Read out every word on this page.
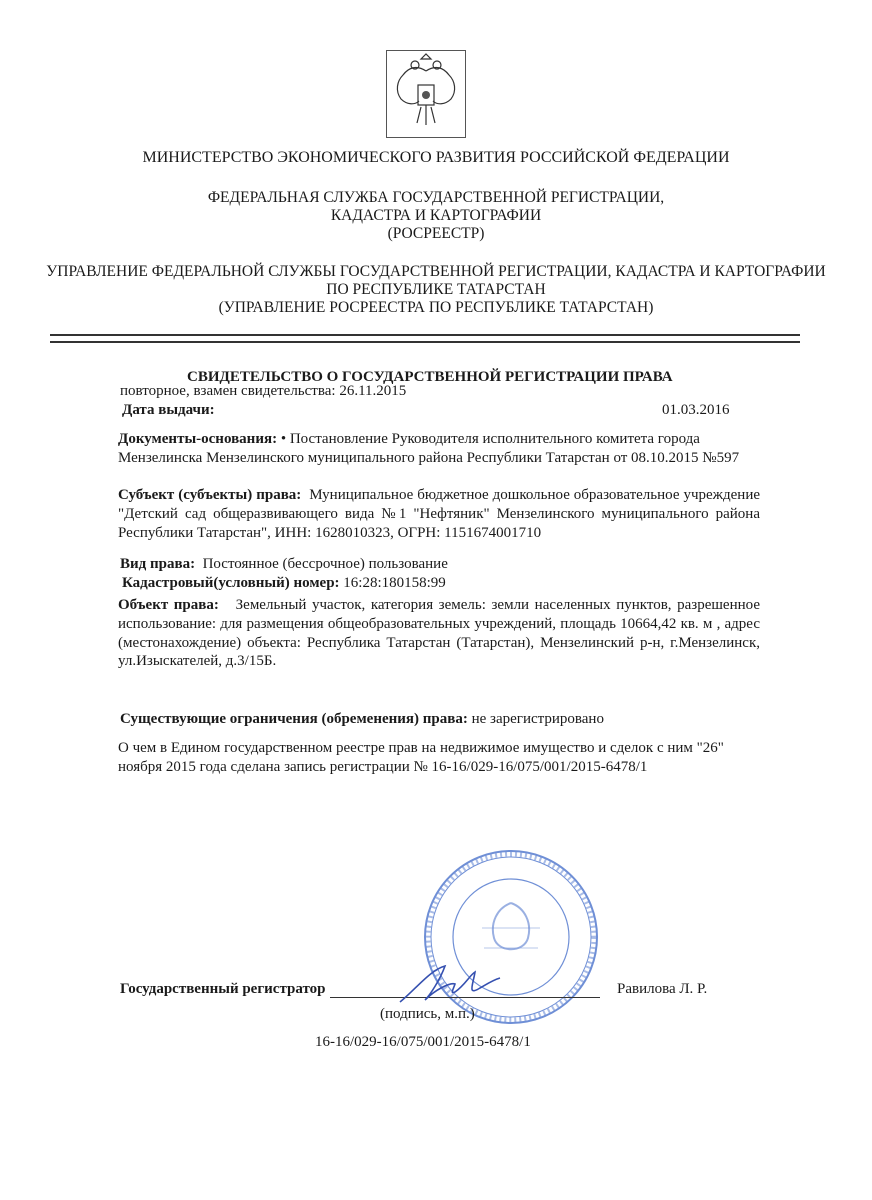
МИНИСТЕРСТВО ЭКОНОМИЧЕСКОГО РАЗВИТИЯ РОССИЙСКОЙ ФЕДЕРАЦИИ
ФЕДЕРАЛЬНАЯ СЛУЖБА ГОСУДАРСТВЕННОЙ РЕГИСТРАЦИИ,
КАДАСТРА И КАРТОГРАФИИ
(РОСРЕЕСТР)
УПРАВЛЕНИЕ ФЕДЕРАЛЬНОЙ СЛУЖБЫ ГОСУДАРСТВЕННОЙ РЕГИСТРАЦИИ, КАДАСТРА И КАРТОГРАФИИ
ПО РЕСПУБЛИКЕ ТАТАРСТАН
(УПРАВЛЕНИЕ РОСРЕЕСТРА ПО РЕСПУБЛИКЕ ТАТАРСТАН)
СВИДЕТЕЛЬСТВО О ГОСУДАРСТВЕННОЙ РЕГИСТРАЦИИ ПРАВА
повторное, взамен свидетельства: 26.11.2015
Дата выдачи:	01.03.2016
Документы-основания: • Постановление Руководителя исполнительного комитета города Мензелинска Мензелинского муниципального района Республики Татарстан от 08.10.2015 №597
Субъект (субъекты) права: Муниципальное бюджетное дошкольное образовательное учреждение "Детский сад общеразвивающего вида №1 "Нефтяник" Мензелинского муниципального района Республики Татарстан", ИНН: 1628010323, ОГРН: 1151674001710
Вид права: Постоянное (бессрочное) пользование
Кадастровый(условный) номер: 16:28:180158:99
Объект права: Земельный участок, категория земель: земли населенных пунктов, разрешенное использование: для размещения общеобразовательных учреждений, площадь 10664,42 кв. м , адрес (местонахождение) объекта: Республика Татарстан (Татарстан), Мензелинский р-н, г.Мензелинск, ул.Изыскателей, д.3/15Б.
Существующие ограничения (обременения) права: не зарегистрировано
О чем в Едином государственном реестре прав на недвижимое имущество и сделок с ним "26" ноября 2015 года сделана запись регистрации № 16-16/029-16/075/001/2015-6478/1
Государственный регистратор	Равилова Л. Р.
(подпись, м.п.)
16-16/029-16/075/001/2015-6478/1
